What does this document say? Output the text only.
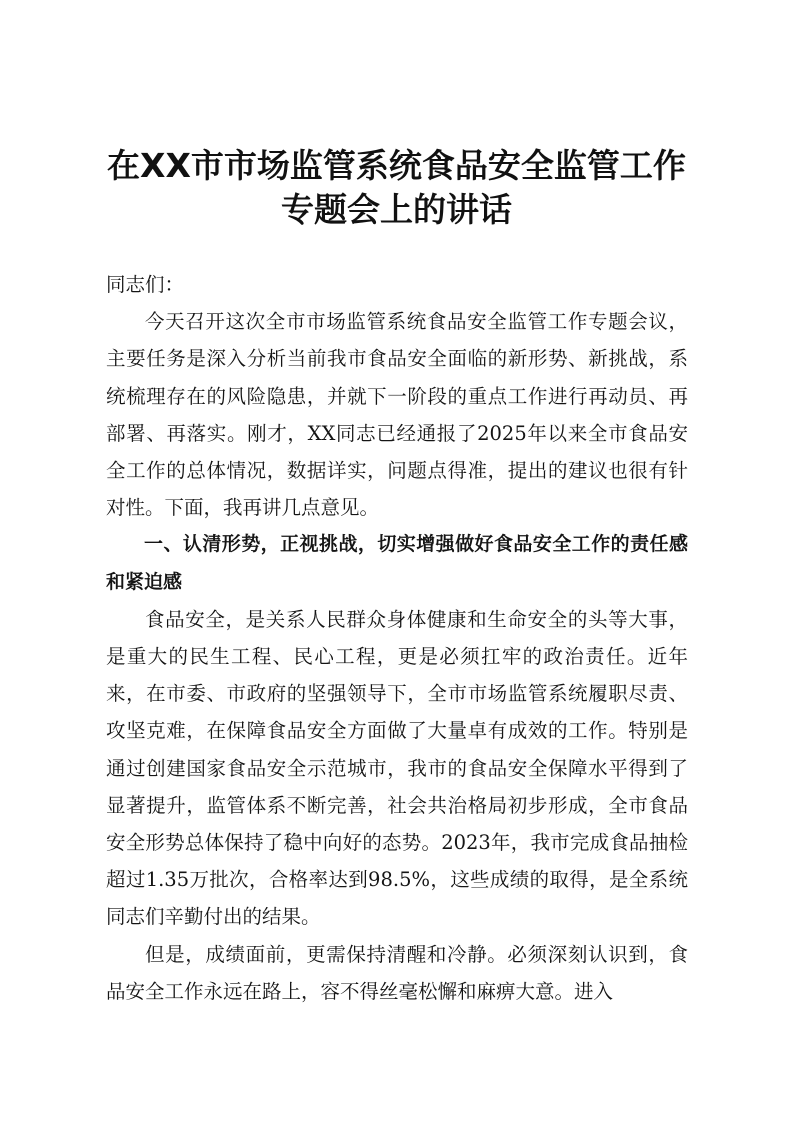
在XX市市场监管系统食品安全监管工作专题会上的讲话

同志们：

今天召开这次全市市场监管系统食品安全监管工作专题会议，主要任务是深入分析当前我市食品安全面临的新形势、新挑战，系统梳理存在的风险隐患，并就下一阶段的重点工作进行再动员、再部署、再落实。刚才，XX同志已经通报了2025年以来全市食品安全工作的总体情况，数据详实，问题点得准，提出的建议也很有针对性。下面，我再讲几点意见。

一、认清形势，正视挑战，切实增强做好食品安全工作的责任感和紧迫感

食品安全，是关系人民群众身体健康和生命安全的头等大事，是重大的民生工程、民心工程，更是必须扛牢的政治责任。近年来，在市委、市政府的坚强领导下，全市市场监管系统履职尽责、攻坚克难，在保障食品安全方面做了大量卓有成效的工作。特别是通过创建国家食品安全示范城市，我市的食品安全保障水平得到了显著提升，监管体系不断完善，社会共治格局初步形成，全市食品安全形势总体保持了稳中向好的态势。2023年，我市完成食品抽检超过1.35万批次，合格率达到98.5%，这些成绩的取得，是全系统同志们辛勤付出的结果。

但是，成绩面前，更需保持清醒和冷静。必须深刻认识到，食品安全工作永远在路上，容不得丝毫松懈和麻痹大意。进入
